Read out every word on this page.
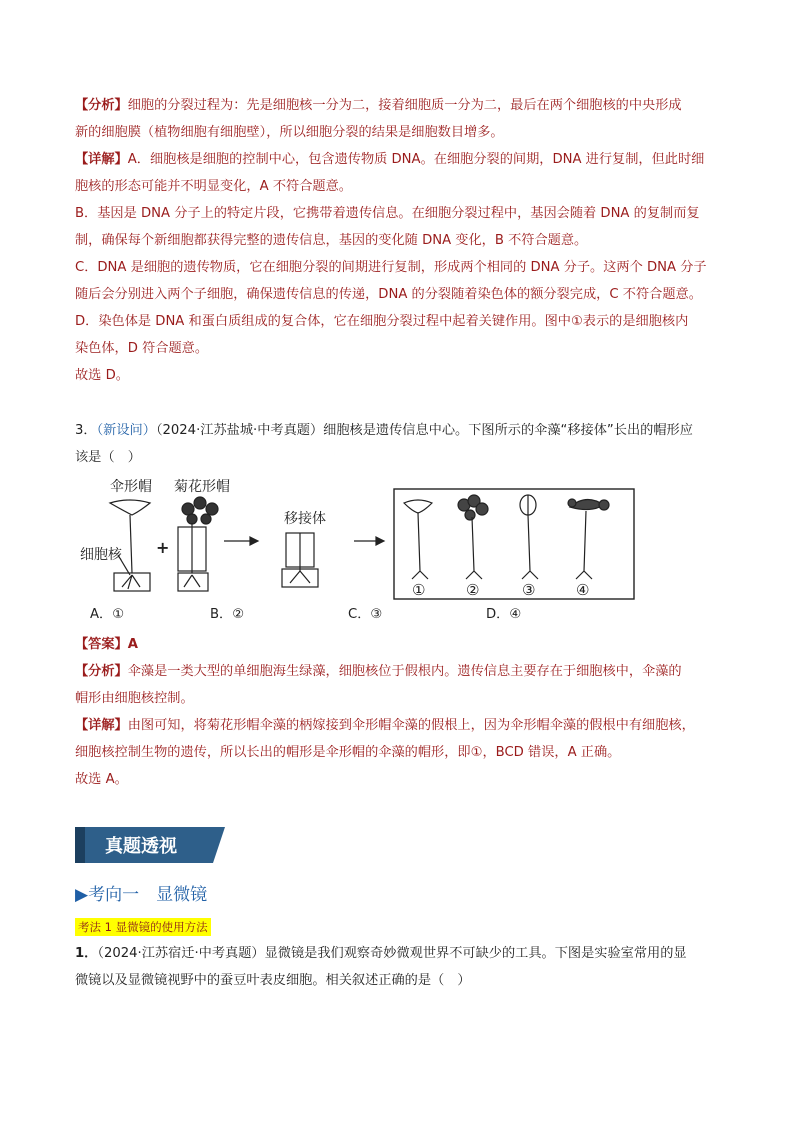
【分析】细胞的分裂过程为：先是细胞核一分为二，接着细胞质一分为二，最后在两个细胞核的中央形成
新的细胞膜（植物细胞有细胞壁），所以细胞分裂的结果是细胞数目增多。
【详解】A．细胞核是细胞的控制中心，包含遗传物质 DNA。在细胞分裂的间期，DNA 进行复制，但此时细
胞核的形态可能并不明显变化，A 不符合题意。
B．基因是 DNA 分子上的特定片段，它携带着遗传信息。在细胞分裂过程中，基因会随着 DNA 的复制而复
制，确保每个新细胞都获得完整的遗传信息，基因的变化随 DNA 变化，B 不符合题意。
C．DNA 是细胞的遗传物质，它在细胞分裂的间期进行复制，形成两个相同的 DNA 分子。这两个 DNA 分子
随后会分别进入两个子细胞，确保遗传信息的传递，DNA 的分裂随着染色体的额分裂完成，C 不符合题意。
D．染色体是 DNA 和蛋白质组成的复合体，它在细胞分裂过程中起着关键作用。图中①表示的是细胞核内
染色体，D 符合题意。
故选 D。
3．（新设问）（2024·江苏盐城·中考真题）细胞核是遗传信息中心。下图所示的伞藻“移接体”长出的帽形应
该是（　）
伞形帽 菊花形帽
细胞核
移接体
+
①	②	③	④
A．①	B．②	C．③	D．④
【答案】A
【分析】伞藻是一类大型的单细胞海生绿藻，细胞核位于假根内。遗传信息主要存在于细胞核中，伞藻的
帽形由细胞核控制。
【详解】由图可知，将菊花形帽伞藻的柄嫁接到伞形帽伞藻的假根上，因为伞形帽伞藻的假根中有细胞核，
细胞核控制生物的遗传，所以长出的帽形是伞形帽的伞藻的帽形，即①，BCD 错误，A 正确。
故选 A。
真题透视
▶考向一　显微镜
考法 1 显微镜的使用方法
1．（2024·江苏宿迁·中考真题）显微镜是我们观察奇妙微观世界不可缺少的工具。下图是实验室常用的显
微镜以及显微镜视野中的蚕豆叶表皮细胞。相关叙述正确的是（　）
